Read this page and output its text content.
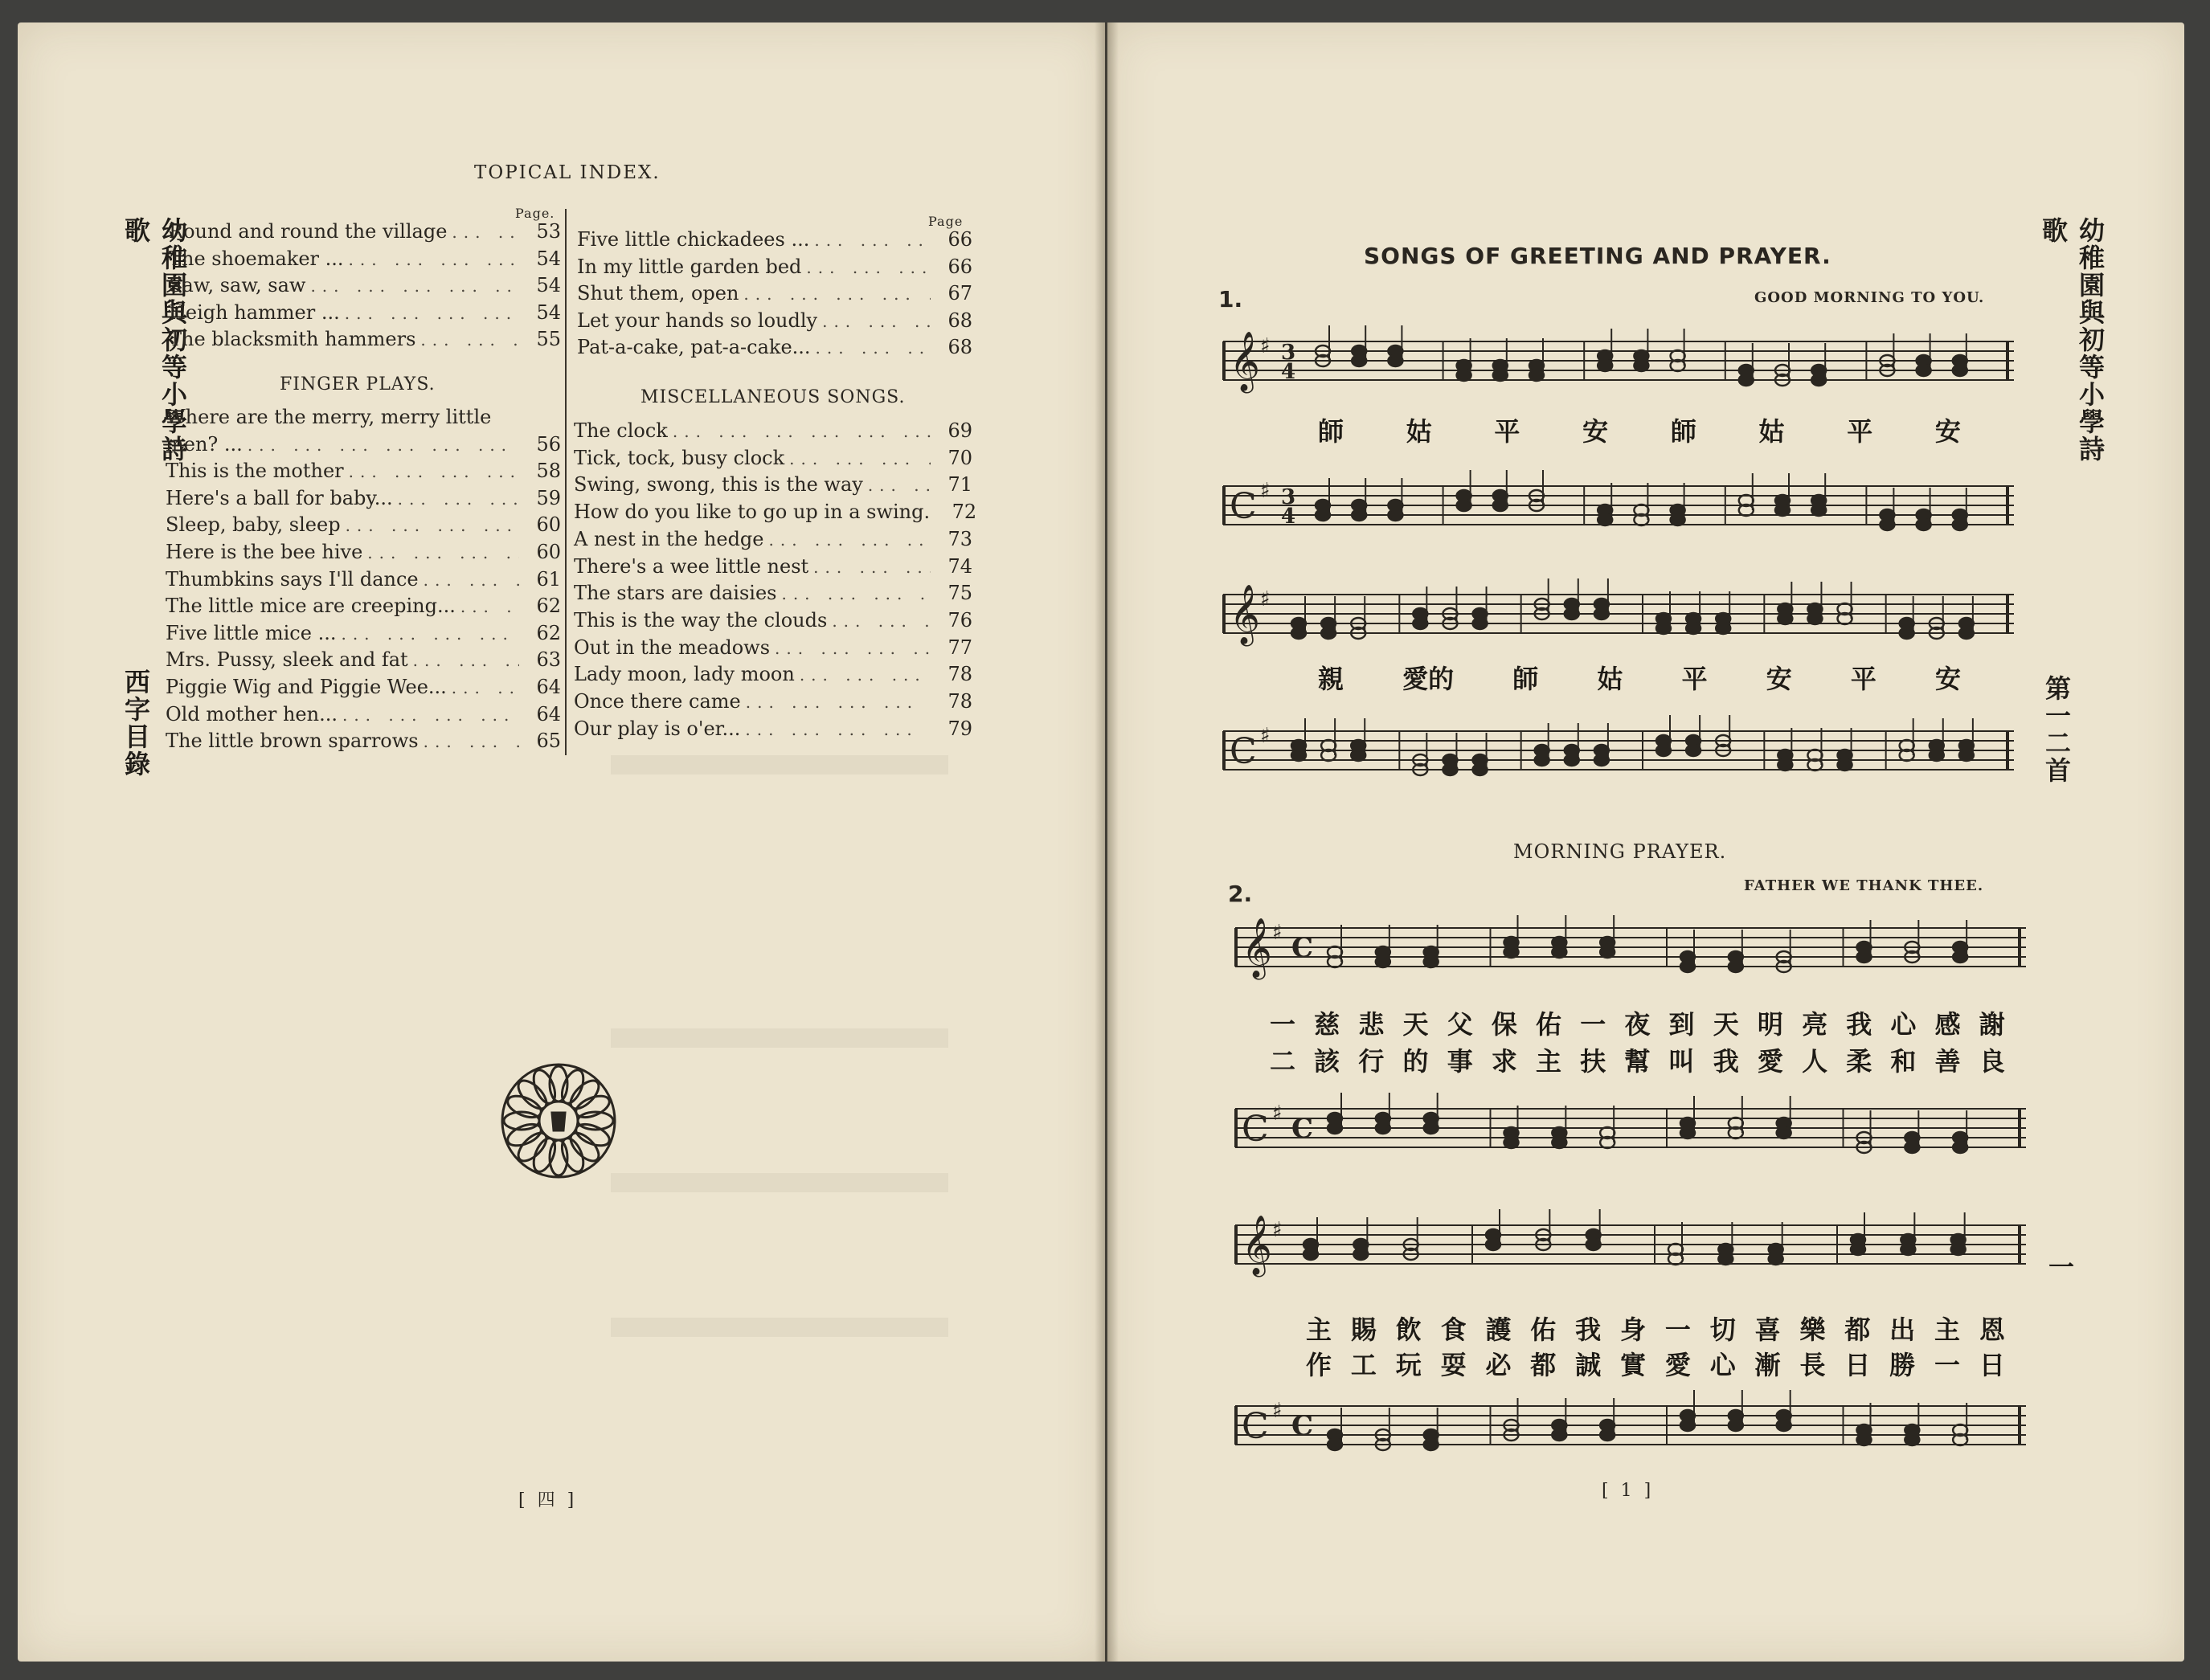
TOPICAL INDEX.
幼稚園與初等小學詩歌
西字目錄
Page.
Page
Round and round the village ... .	53
The shoemaker ... ... .	54
Saw, saw, saw ... .	54
Heigh hammer ... ... .	54
The blacksmith hammers ... .	55
FINGER PLAYS.
Where are the merry, merry little
men? ... ... .	56
This is the mother ... .	58
Here's a ball for baby... ... .	59
Sleep, baby, sleep ... .	60
Here is the bee hive ... .	60
Thumbkins says I'll dance ... .	61
The little mice are creeping... ... .	62
Five little mice ... ... .	62
Mrs. Pussy, sleek and fat ... .	63
Piggie Wig and Piggie Wee... ... .	64
Old mother hen... ... .	64
The little brown sparrows ... .	65
Five little chickadees ... ... .	66
In my little garden bed ... .	66
Shut them, open ... .	67
Let your hands so loudly ... .	68
Pat-a-cake, pat-a-cake... ... .	68
MISCELLANEOUS SONGS.
The clock ... .	69
Tick, tock, busy clock ... .	70
Swing, swong, this is the way ... .	71
How do you like to go up in a swing.	72
A nest in the hedge ... .	73
There's a wee little nest ... .	74
The stars are daisies ... .	75
This is the way the clouds ... .	76
Out in the meadows ... .	77
Lady moon, lady moon ... .	78
Once there came ... .	78
Our play is o'er... ... .	79
[ 四 ]
SONGS OF GREETING AND PRAYER.	幼稚園與初等小學詩歌
第一二首
一
1.	GOOD MORNING TO YOU.
𝄞 ♯ 3
4
師 姑 平 安 師 姑 平 安
C ♯ 3
4
𝄞 ♯
親 愛的 師 姑 平 安 平 安
C ♯
MORNING PRAYER.
2.	FATHER WE THANK THEE.
𝄞 ♯ C
一 慈 悲 天 父 保 佑 一 夜 到 天 明 亮 我 心 感 謝
二 該 行 的 事 求 主 扶 幫 叫 我 愛 人 柔 和 善 良
C ♯ C
𝄞 ♯
主 賜 飲 食 護 佑 我 身 一 切 喜 樂 都 出 主 恩
作 工 玩 耍 必 都 誠 實 愛 心 漸 長 日 勝 一 日
C ♯ C
[ 1 ]
